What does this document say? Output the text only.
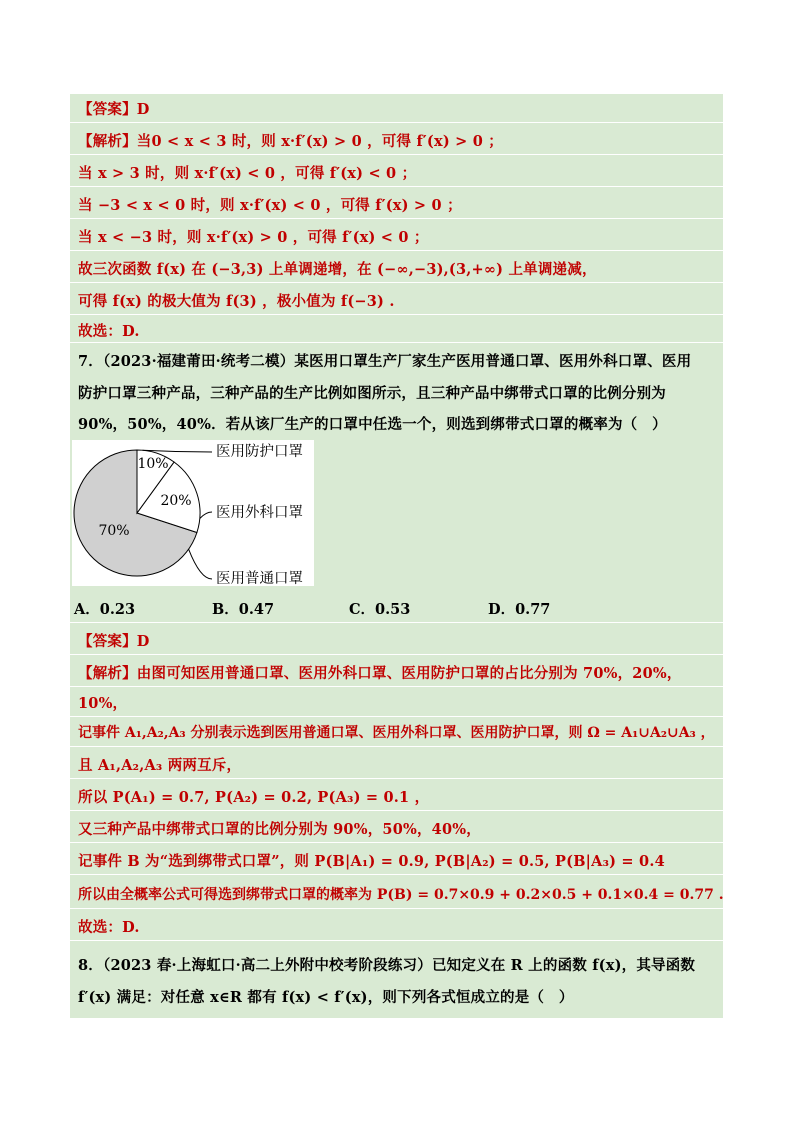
【答案】D
【解析】当0 < x < 3 时，则 x·f′(x) > 0 ，可得 f′(x) > 0 ；
当 x > 3 时，则 x·f′(x) < 0 ，可得 f′(x) < 0 ；
当 −3 < x < 0 时，则 x·f′(x) < 0 ，可得 f′(x) > 0 ；
当 x < −3 时，则 x·f′(x) > 0 ，可得 f′(x) < 0 ；
故三次函数 f(x) 在 (−3,3) 上单调递增，在 (−∞,−3),(3,+∞) 上单调递减，
可得 f(x) 的极大值为 f(3) ，极小值为 f(−3) .
故选：D.
7．（2023·福建莆田·统考二模）某医用口罩生产厂家生产医用普通口罩、医用外科口罩、医用
防护口罩三种产品，三种产品的生产比例如图所示，且三种产品中绑带式口罩的比例分别为
90%，50%，40%．若从该厂生产的口罩中任选一个，则选到绑带式口罩的概率为（　）
70%
20%
10%
医用防护口罩
医用外科口罩
医用普通口罩
A．0.23	B．0.47	C．0.53	D．0.77
【答案】D
【解析】由图可知医用普通口罩、医用外科口罩、医用防护口罩的占比分别为 70%，20%，
10%，
记事件 A₁,A₂,A₃ 分别表示选到医用普通口罩、医用外科口罩、医用防护口罩，则 Ω = A₁∪A₂∪A₃ ，
且 A₁,A₂,A₃ 两两互斥，
所以 P(A₁) = 0.7, P(A₂) = 0.2, P(A₃) = 0.1 ，
又三种产品中绑带式口罩的比例分别为 90%，50%，40%，
记事件 B 为“选到绑带式口罩”，则 P(B|A₁) = 0.9, P(B|A₂) = 0.5, P(B|A₃) = 0.4
所以由全概率公式可得选到绑带式口罩的概率为 P(B) = 0.7×0.9 + 0.2×0.5 + 0.1×0.4 = 0.77 .
故选：D.
8．（2023 春·上海虹口·高二上外附中校考阶段练习）已知定义在 R 上的函数 f(x)，其导函数
f′(x) 满足：对任意 x∈R 都有 f(x) < f′(x)，则下列各式恒成立的是（　）
